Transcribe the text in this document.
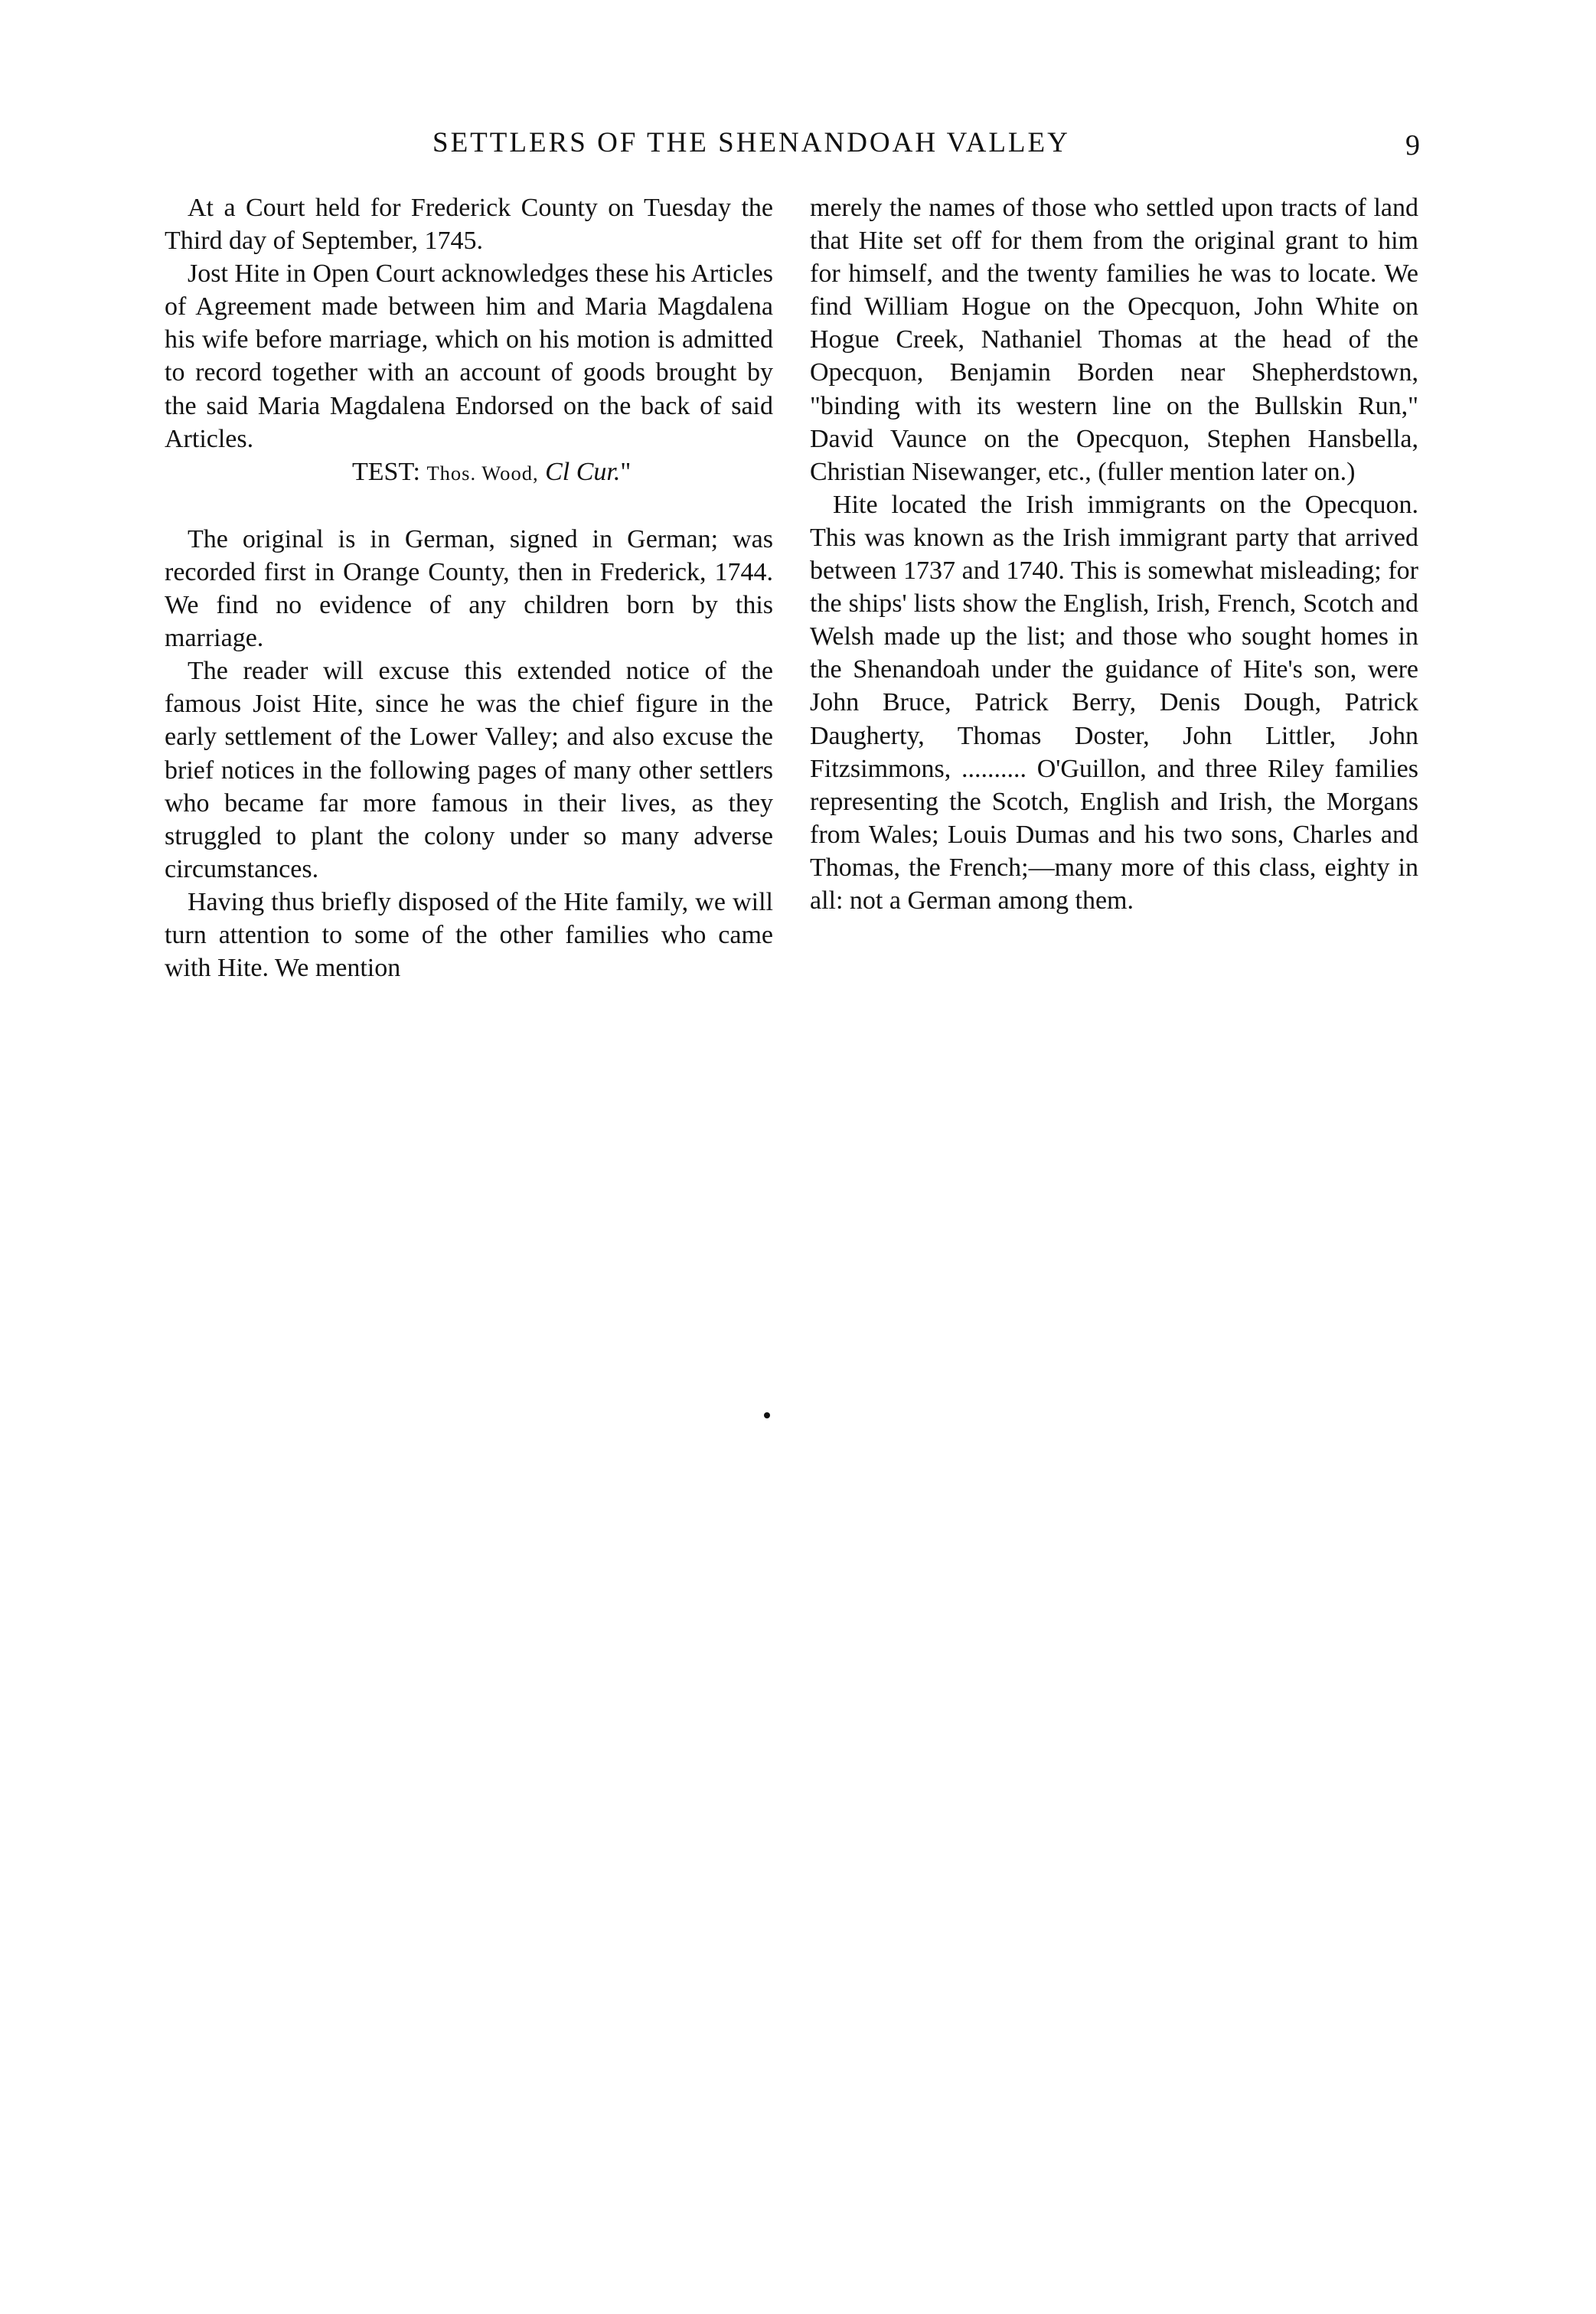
SETTLERS OF THE SHENANDOAH VALLEY	9

At a Court held for Frederick County on Tuesday the Third day of September, 1745.

Jost Hite in Open Court acknowledges these his Articles of Agreement made between him and Maria Magdalena his wife before marriage, which on his motion is admitted to record together with an account of goods brought by the said Maria Magdalena Endorsed on the back of said Articles.

TEST: Thos. Wood, Cl Cur."

The original is in German, signed in German; was recorded first in Orange County, then in Frederick, 1744. We find no evidence of any children born by this marriage.

The reader will excuse this extended notice of the famous Joist Hite, since he was the chief figure in the early settlement of the Lower Valley; and also excuse the brief notices in the following pages of many other settlers who became far more famous in their lives, as they struggled to plant the colony under so many adverse circumstances.

Having thus briefly disposed of the Hite family, we will turn attention to some of the other families who came with Hite. We mention

merely the names of those who settled upon tracts of land that Hite set off for them from the original grant to him for himself, and the twenty families he was to locate. We find William Hogue on the Opecquon, John White on Hogue Creek, Nathaniel Thomas at the head of the Opecquon, Benjamin Borden near Shepherdstown, "binding with its western line on the Bullskin Run," David Vaunce on the Opecquon, Stephen Hansbella, Christian Nisewanger, etc., (fuller mention later on.)

Hite located the Irish immigrants on the Opecquon. This was known as the Irish immigrant party that arrived between 1737 and 1740. This is somewhat misleading; for the ships' lists show the English, Irish, French, Scotch and Welsh made up the list; and those who sought homes in the Shenandoah under the guidance of Hite's son, were John Bruce, Patrick Berry, Denis Dough, Patrick Daugherty, Thomas Doster, John Littler, John Fitzsimmons, .......... O'Guillon, and three Riley families representing the Scotch, English and Irish, the Morgans from Wales; Louis Dumas and his two sons, Charles and Thomas, the French;—many more of this class, eighty in all: not a German among them.
